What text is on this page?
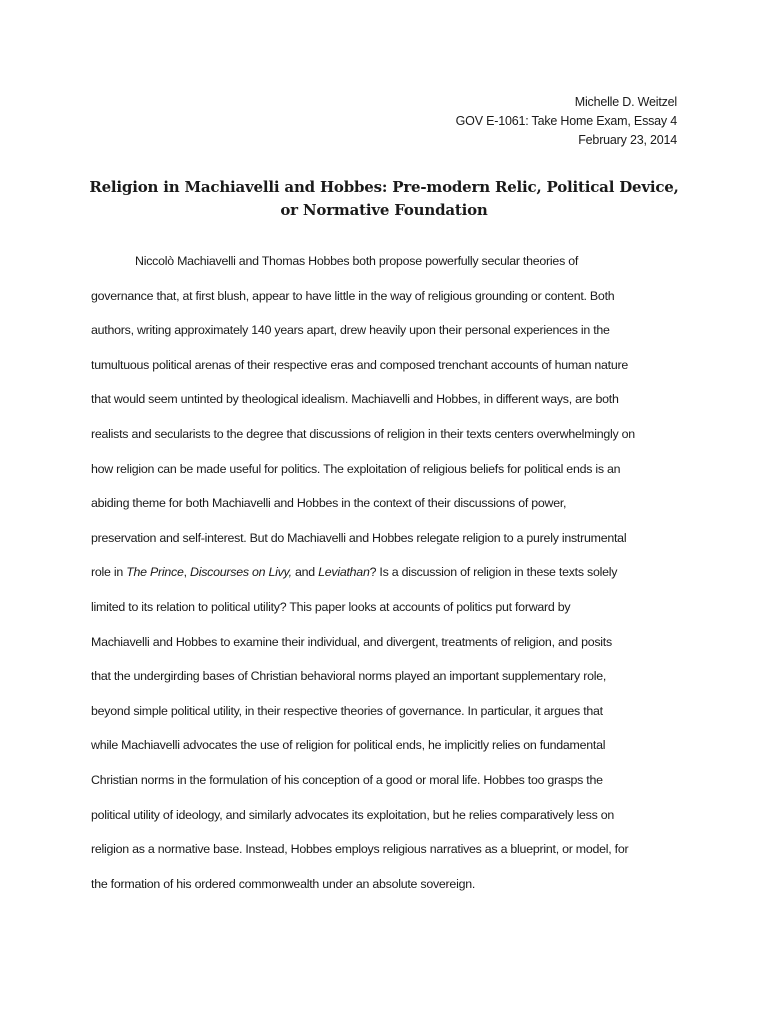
Michelle D. Weitzel
GOV E-1061: Take Home Exam, Essay 4
February 23, 2014
Religion in Machiavelli and Hobbes: Pre-modern Relic, Political Device,
or Normative Foundation
Niccolò Machiavelli and Thomas Hobbes both propose powerfully secular theories of
governance that, at first blush, appear to have little in the way of religious grounding or content. Both
authors, writing approximately 140 years apart, drew heavily upon their personal experiences in the
tumultuous political arenas of their respective eras and composed trenchant accounts of human nature
that would seem untinted by theological idealism. Machiavelli and Hobbes, in different ways, are both
realists and secularists to the degree that discussions of religion in their texts centers overwhelmingly on
how religion can be made useful for politics. The exploitation of religious beliefs for political ends is an
abiding theme for both Machiavelli and Hobbes in the context of their discussions of power,
preservation and self-interest. But do Machiavelli and Hobbes relegate religion to a purely instrumental
role in The Prince, Discourses on Livy, and Leviathan? Is a discussion of religion in these texts solely
limited to its relation to political utility? This paper looks at accounts of politics put forward by
Machiavelli and Hobbes to examine their individual, and divergent, treatments of religion, and posits
that the undergirding bases of Christian behavioral norms played an important supplementary role,
beyond simple political utility, in their respective theories of governance. In particular, it argues that
while Machiavelli advocates the use of religion for political ends, he implicitly relies on fundamental
Christian norms in the formulation of his conception of a good or moral life. Hobbes too grasps the
political utility of ideology, and similarly advocates its exploitation, but he relies comparatively less on
religion as a normative base. Instead, Hobbes employs religious narratives as a blueprint, or model, for
the formation of his ordered commonwealth under an absolute sovereign.
